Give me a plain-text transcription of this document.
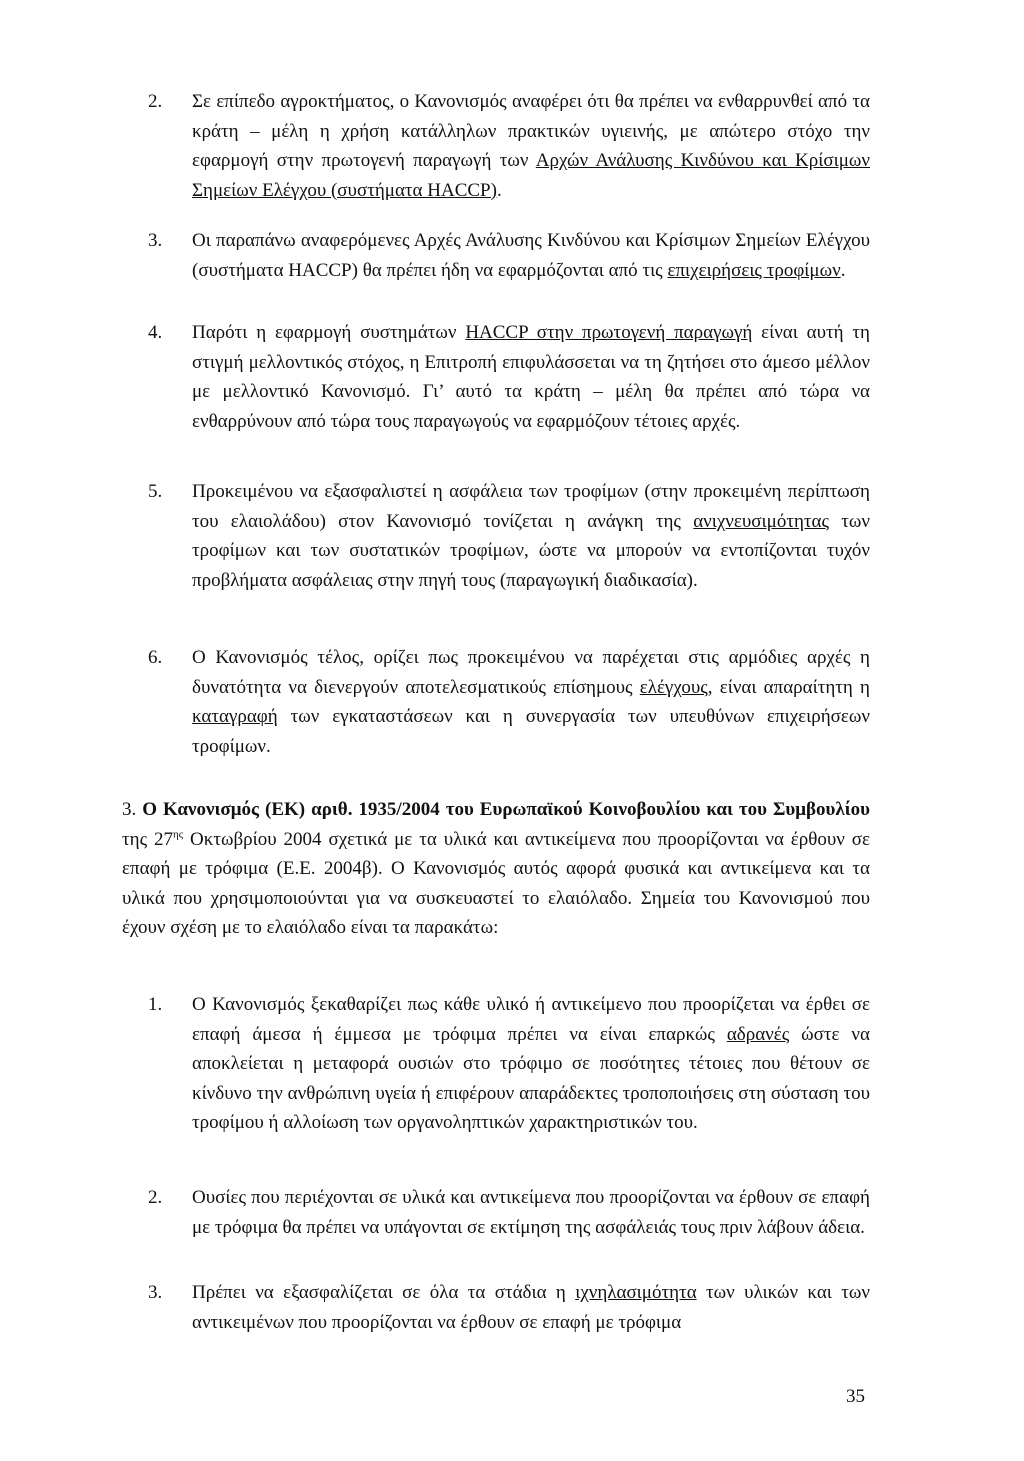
2. Σε επίπεδο αγροκτήματος, ο Κανονισμός αναφέρει ότι θα πρέπει να ενθαρρυνθεί από τα κράτη – μέλη η χρήση κατάλληλων πρακτικών υγιεινής, με απώτερο στόχο την εφαρμογή στην πρωτογενή παραγωγή των Αρχών Ανάλυσης Κινδύνου και Κρίσιμων Σημείων Ελέγχου (συστήματα HACCP).
3. Οι παραπάνω αναφερόμενες Αρχές Ανάλυσης Κινδύνου και Κρίσιμων Σημείων Ελέγχου (συστήματα HACCP) θα πρέπει ήδη να εφαρμόζονται από τις επιχειρήσεις τροφίμων.
4. Παρότι η εφαρμογή συστημάτων HACCP στην πρωτογενή παραγωγή είναι αυτή τη στιγμή μελλοντικός στόχος, η Επιτροπή επιφυλάσσεται να τη ζητήσει στο άμεσο μέλλον με μελλοντικό Κανονισμό. Γι’ αυτό τα κράτη – μέλη θα πρέπει από τώρα να ενθαρρύνουν από τώρα τους παραγωγούς να εφαρμόζουν τέτοιες αρχές.
5. Προκειμένου να εξασφαλιστεί η ασφάλεια των τροφίμων (στην προκειμένη περίπτωση του ελαιολάδου) στον Κανονισμό τονίζεται η ανάγκη της ανιχνευσιμότητας των τροφίμων και των συστατικών τροφίμων, ώστε να μπορούν να εντοπίζονται τυχόν προβλήματα ασφάλειας στην πηγή τους (παραγωγική διαδικασία).
6. Ο Κανονισμός τέλος, ορίζει πως προκειμένου να παρέχεται στις αρμόδιες αρχές η δυνατότητα να διενεργούν αποτελεσματικούς επίσημους ελέγχους, είναι απαραίτητη η καταγραφή των εγκαταστάσεων και η συνεργασία των υπευθύνων επιχειρήσεων τροφίμων.
3. Ο Κανονισμός (ΕΚ) αριθ. 1935/2004 του Ευρωπαϊκού Κοινοβουλίου και του Συμβουλίου της $27^{\eta\varsigma}$ Οκτωβρίου 2004 σχετικά με τα υλικά και αντικείμενα που προορίζονται να έρθουν σε επαφή με τρόφιμα (Ε.Ε. 2004β). Ο Κανονισμός αυτός αφορά φυσικά και αντικείμενα και τα υλικά που χρησιμοποιούνται για να συσκευαστεί το ελαιόλαδο. Σημεία του Κανονισμού που έχουν σχέση με το ελαιόλαδο είναι τα παρακάτω:
1. Ο Κανονισμός ξεκαθαρίζει πως κάθε υλικό ή αντικείμενο που προορίζεται να έρθει σε επαφή άμεσα ή έμμεσα με τρόφιμα πρέπει να είναι επαρκώς αδρανές ώστε να αποκλείεται η μεταφορά ουσιών στο τρόφιμο σε ποσότητες τέτοιες που θέτουν σε κίνδυνο την ανθρώπινη υγεία ή επιφέρουν απαράδεκτες τροποποιήσεις στη σύσταση του τροφίμου ή αλλοίωση των οργανοληπτικών χαρακτηριστικών του.
2. Ουσίες που περιέχονται σε υλικά και αντικείμενα που προορίζονται να έρθουν σε επαφή με τρόφιμα θα πρέπει να υπάγονται σε εκτίμηση της ασφάλειάς τους πριν λάβουν άδεια.
3. Πρέπει να εξασφαλίζεται σε όλα τα στάδια η ιχνηλασιμότητα των υλικών και των αντικειμένων που προορίζονται να έρθουν σε επαφή με τρόφιμα
35
